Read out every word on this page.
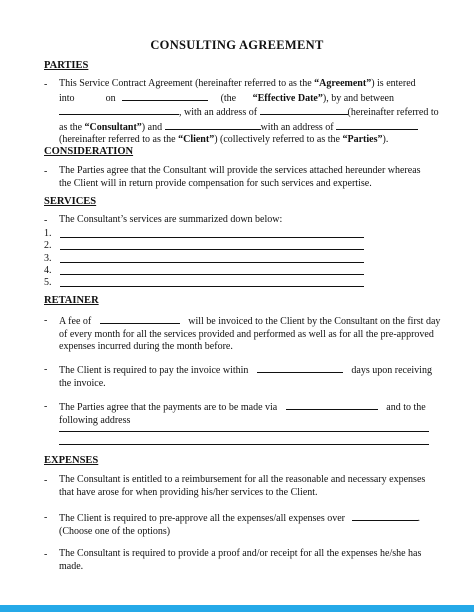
CONSULTING AGREEMENT
PARTIES
- This Service Contract Agreement (hereinafter referred to as the “Agreement”) is entered
into	on	(the “Effective Date”), by and between
, with an address of	(hereinafter referred to
as the “Consultant”) and	with an address of
(hereinafter referred to as the “Client”) (collectively referred to as the “Parties”).
CONSIDERATION
- The Parties agree that the Consultant will provide the services attached hereunder whereas
the Client will in return provide compensation for such services and expertise.
SERVICES
- The Consultant’s services are summarized down below:
1.
2.
3.
4.
5.
RETAINER
- A fee of	will be invoiced to the Client by the Consultant on the first day
of every month for all the services provided and performed as well as for all the pre-approved
expenses incurred during the month before.
- The Client is required to pay the invoice within	days upon receiving
the invoice.
- The Parties agree that the payments are to be made via	and to the
following address
EXPENSES
- The Consultant is entitled to a reimbursement for all the reasonable and necessary expenses
that have arose for when providing his/her services to the Client.
- The Client is required to pre-approve all the expenses/all expenses over	.
(Choose one of the options)
- The Consultant is required to provide a proof and/or receipt for all the expenses he/she has
made.
